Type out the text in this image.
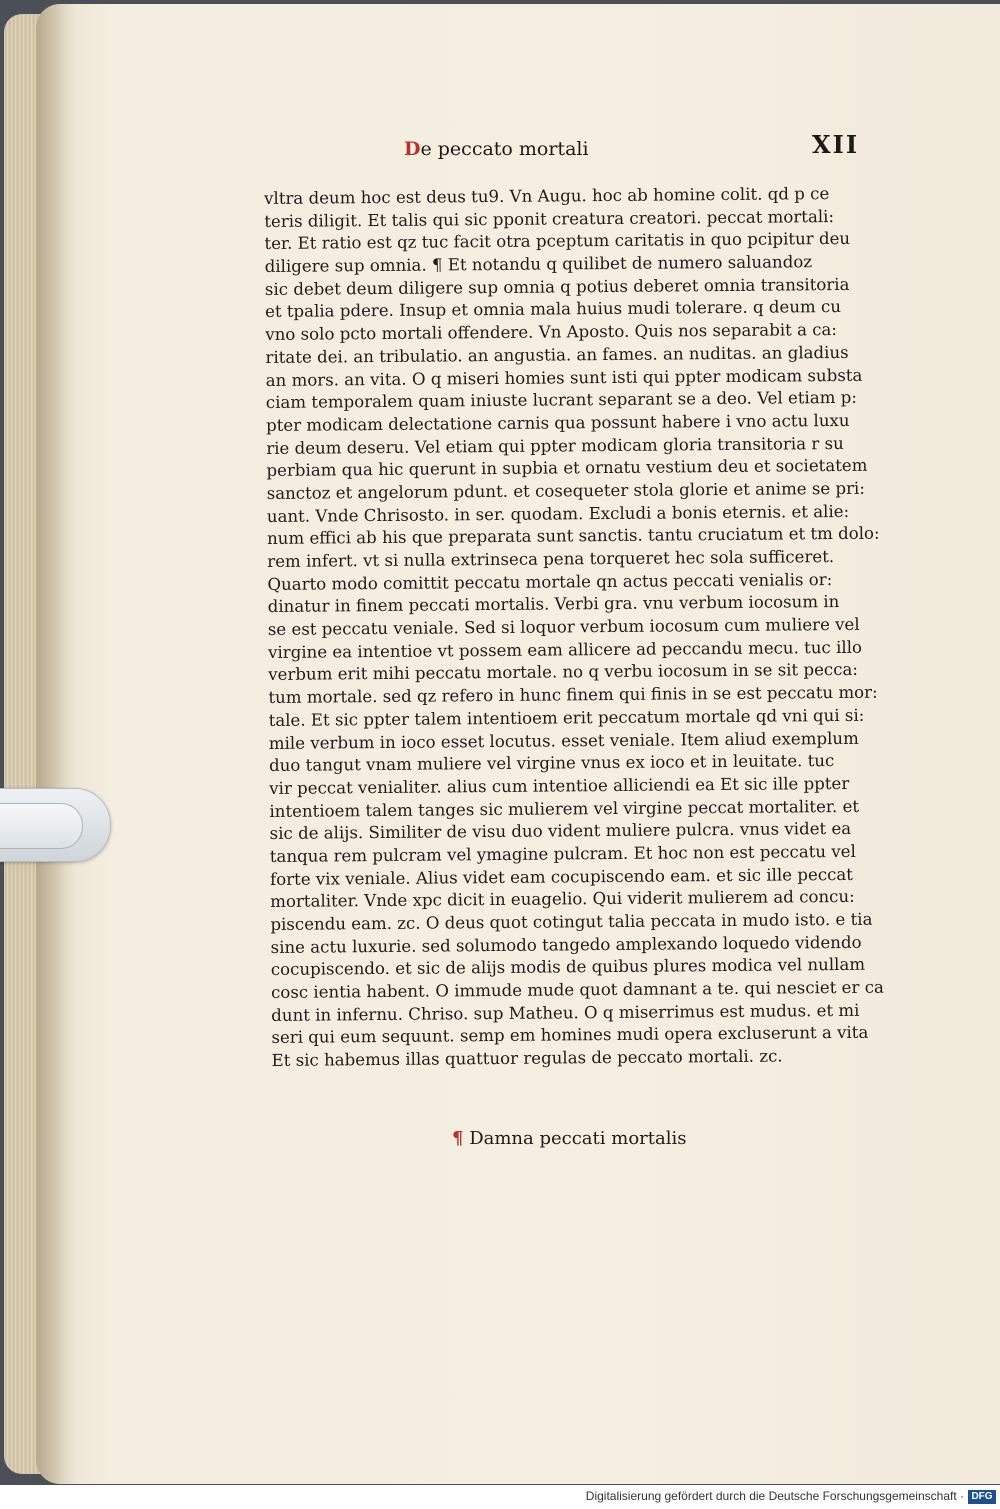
De peccato mortali	XII
vltra deum hoc est deus tu9. Vn Augu. hoc ab homine colit. qd p ce
teris diligit. Et talis qui sic pponit creatura creatori. peccat mortali:
ter. Et ratio est qz tuc facit otra pceptum caritatis in quo pcipitur deu
diligere sup omnia. ¶ Et notandu q quilibet de numero saluandoz
sic debet deum diligere sup omnia q potius deberet omnia transitoria
et tpalia pdere. Insup et omnia mala huius mudi tolerare. q deum cu
vno solo pcto mortali offendere. Vn Aposto. Quis nos separabit a ca:
ritate dei. an tribulatio. an angustia. an fames. an nuditas. an gladius
an mors. an vita. O q miseri homies sunt isti qui ppter modicam substa
ciam temporalem quam iniuste lucrant separant se a deo. Vel etiam p:
pter modicam delectatione carnis qua possunt habere i vno actu luxu
rie deum deseru. Vel etiam qui ppter modicam gloria transitoria r su
perbiam qua hic querunt in supbia et ornatu vestium deu et societatem
sanctoz et angelorum pdunt. et cosequeter stola glorie et anime se pri:
uant. Vnde Chrisosto. in ser. quodam. Excludi a bonis eternis. et alie:
num effici ab his que preparata sunt sanctis. tantu cruciatum et tm dolo:
rem infert. vt si nulla extrinseca pena torqueret hec sola sufficeret.
Quarto modo comittit peccatu mortale qn actus peccati venialis or:
dinatur in finem peccati mortalis. Verbi gra. vnu verbum iocosum in
se est peccatu veniale. Sed si loquor verbum iocosum cum muliere vel
virgine ea intentioe vt possem eam allicere ad peccandu mecu. tuc illo
verbum erit mihi peccatu mortale. no q verbu iocosum in se sit pecca:
tum mortale. sed qz refero in hunc finem qui finis in se est peccatu mor:
tale. Et sic ppter talem intentioem erit peccatum mortale qd vni qui si:
mile verbum in ioco esset locutus. esset veniale. Item aliud exemplum
duo tangut vnam muliere vel virgine vnus ex ioco et in leuitate. tuc
vir peccat venialiter. alius cum intentioe alliciendi ea Et sic ille ppter
intentioem talem tanges sic mulierem vel virgine peccat mortaliter. et
sic de alijs. Similiter de visu duo vident muliere pulcra. vnus videt ea
tanqua rem pulcram vel ymagine pulcram. Et hoc non est peccatu vel
forte vix veniale. Alius videt eam cocupiscendo eam. et sic ille peccat
mortaliter. Vnde xpc dicit in euagelio. Qui viderit mulierem ad concu:
piscendu eam. zc. O deus quot cotingut talia peccata in mudo isto. e tia
sine actu luxurie. sed solumodo tangedo amplexando loquedo videndo
cocupiscendo. et sic de alijs modis de quibus plures modica vel nullam
cosc ientia habent. O immude mude quot damnant a te. qui nesciet er ca
dunt in infernu. Chriso. sup Matheu. O q miserrimus est mudus. et mi
seri qui eum sequunt. semp em homines mudi opera excluserunt a vita
Et sic habemus illas quattuor regulas de peccato mortali. zc.
¶ Damna peccati mortalis
Digitalisierung gefördert durch die Deutsche Forschungsgemeinschaft · DFG
